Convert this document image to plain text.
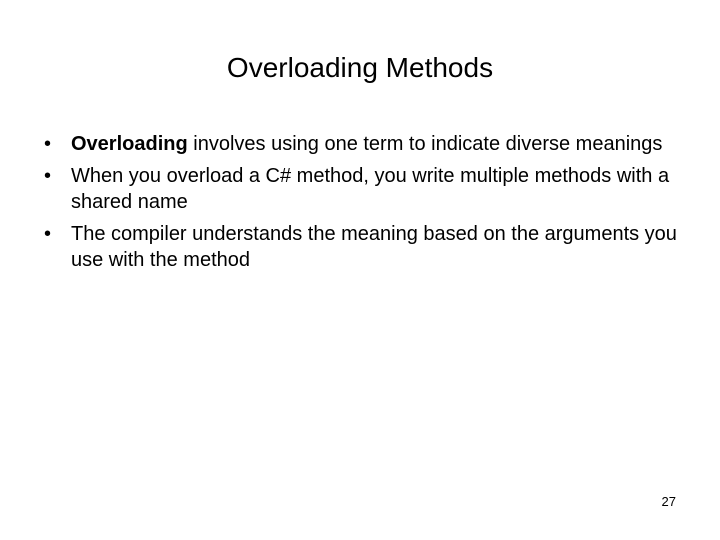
Overloading Methods
• Overloading involves using one term to indicate diverse meanings
• When you overload a C# method, you write multiple methods with a shared name
• The compiler understands the meaning based on the arguments you use with the method
27
